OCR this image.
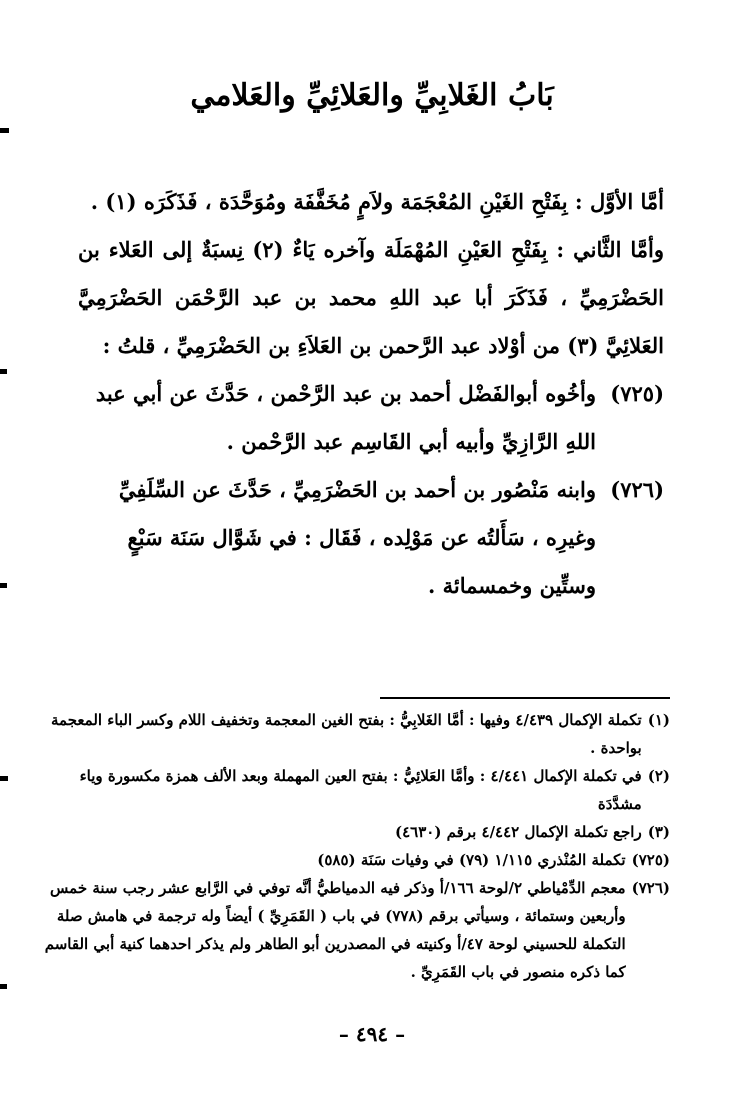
بَابُ الغَلابِيِّ والعَلائِيِّ والعَلامي

أمَّا الأوَّل : بِفَتْحِ الغَيْنِ المُعْجَمَة ولاَمٍ مُخَفَّفَة ومُوَحَّدَة ، فَذَكَرَه (١) .

وأمَّا الثَّاني : بِفَتْحِ العَيْنِ المُهْمَلَة وآخره يَاءٌ (٢) نِسبَةٌ إلى العَلاء بن الحَضْرَمِيِّ ، فَذَكَرَ أبا عبد اللهِ محمد بن عبد الرَّحْمَن الحَضْرَمِيَّ العَلائِيَّ (٣) من أوْلاد عبد الرَّحمن بن العَلاَءِ بن الحَضْرَمِيِّ ، قلتُ :

(٧٢٥)

وأخُوه أبوالفَضْل أحمد بن عبد الرَّحْمن ، حَدَّثَ عن أبي عبد اللهِ الرَّازِيِّ وأبيه أبي القَاسِم عبد الرَّحْمن .

(٧٢٦)

وابنه مَنْصُور بن أحمد بن الحَضْرَمِيِّ ، حَدَّثَ عن السِّلَفِيِّ وغيرِه ، سَأَلتُه عن مَوْلِده ، فَقَال : في شَوَّال سَنَة سَبْعٍ وستِّين وخمسمائة .

(١)
تكملة الإكمال ٤/٤٣٩ وفيها : أمَّا الغَلابِيُّ : بفتح الغين المعجمة وتخفيف اللام وكسر الباء المعجمة بواحدة .
(٢)
في تكملة الإكمال ٤/٤٤١ : وأمَّا العَلائِيُّ : بفتح العين المهملة وبعد الألف همزة مكسورة وياء مشدَّدَة
(٣)
راجع تكملة الإكمال ٤/٤٤٢ برقم (٤٦٣٠)
(٧٢٥)
تكملة المُنْذري ١/١١٥ (٧٩) في وفيات سَنَة (٥٨٥)
(٧٢٦)
معجم الدِّمْياطي ٢/لوحة ١٦٦/أ وذكر فيه الدمياطيُّ أنَّه توفي في الرَّابع عشر رجب سنة خمس وأربعين وستمائة ، وسيأتي برقم (٧٧٨) في باب ( القَمَرِيِّ ) أيضاً وله ترجمة في هامش صلة التكملة للحسيني لوحة ٤٧/أ وكنيته في المصدرين أبو الطاهر ولم يذكر احدهما كنية أبي القاسم كما ذكره منصور في باب القَمَرِيِّ .
– ٤٩٤ –
